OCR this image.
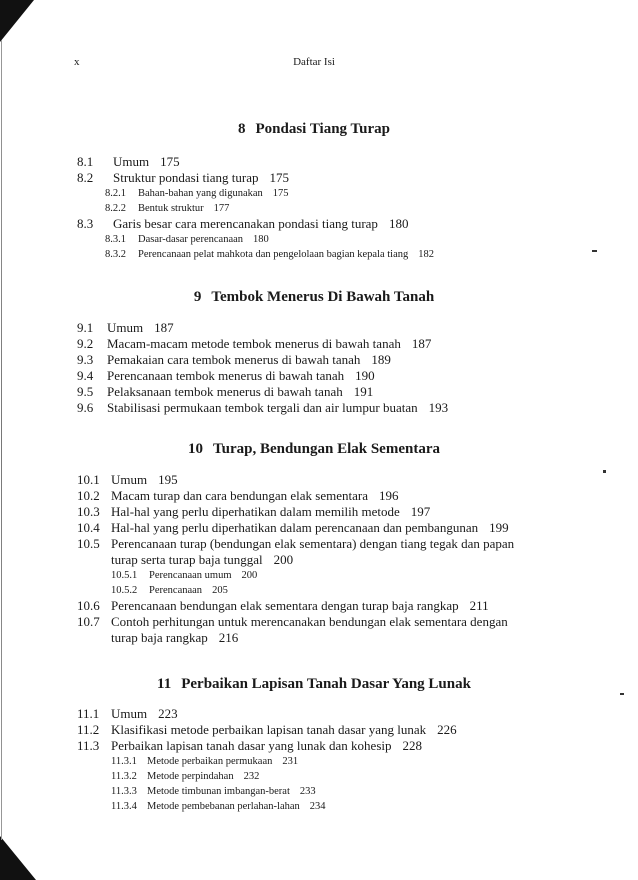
x	Daftar Isi
8 Pondasi Tiang Turap
8.1 Umum 175
8.2 Struktur pondasi tiang turap 175
8.2.1 Bahan-bahan yang digunakan 175
8.2.2 Bentuk struktur 177
8.3 Garis besar cara merencanakan pondasi tiang turap 180
8.3.1 Dasar-dasar perencanaan 180
8.3.2 Perencanaan pelat mahkota dan pengelolaan bagian kepala tiang 182
9 Tembok Menerus Di Bawah Tanah
9.1 Umum 187
9.2 Macam-macam metode tembok menerus di bawah tanah 187
9.3 Pemakaian cara tembok menerus di bawah tanah 189
9.4 Perencanaan tembok menerus di bawah tanah 190
9.5 Pelaksanaan tembok menerus di bawah tanah 191
9.6 Stabilisasi permukaan tembok tergali dan air lumpur buatan 193
10 Turap, Bendungan Elak Sementara
10.1 Umum 195
10.2 Macam turap dan cara bendungan elak sementara 196
10.3 Hal-hal yang perlu diperhatikan dalam memilih metode 197
10.4 Hal-hal yang perlu diperhatikan dalam perencanaan dan pembangunan 199
10.5 Perencanaan turap (bendungan elak sementara) dengan tiang tegak dan papan
turap serta turap baja tunggal 200
10.5.1 Perencanaan umum 200
10.5.2 Perencanaan 205
10.6 Perencanaan bendungan elak sementara dengan turap baja rangkap 211
10.7 Contoh perhitungan untuk merencanakan bendungan elak sementara dengan
turap baja rangkap 216
11 Perbaikan Lapisan Tanah Dasar Yang Lunak
11.1 Umum 223
11.2 Klasifikasi metode perbaikan lapisan tanah dasar yang lunak 226
11.3 Perbaikan lapisan tanah dasar yang lunak dan kohesip 228
11.3.1 Metode perbaikan permukaan 231
11.3.2 Metode perpindahan 232
11.3.3 Metode timbunan imbangan-berat 233
11.3.4 Metode pembebanan perlahan-lahan 234
